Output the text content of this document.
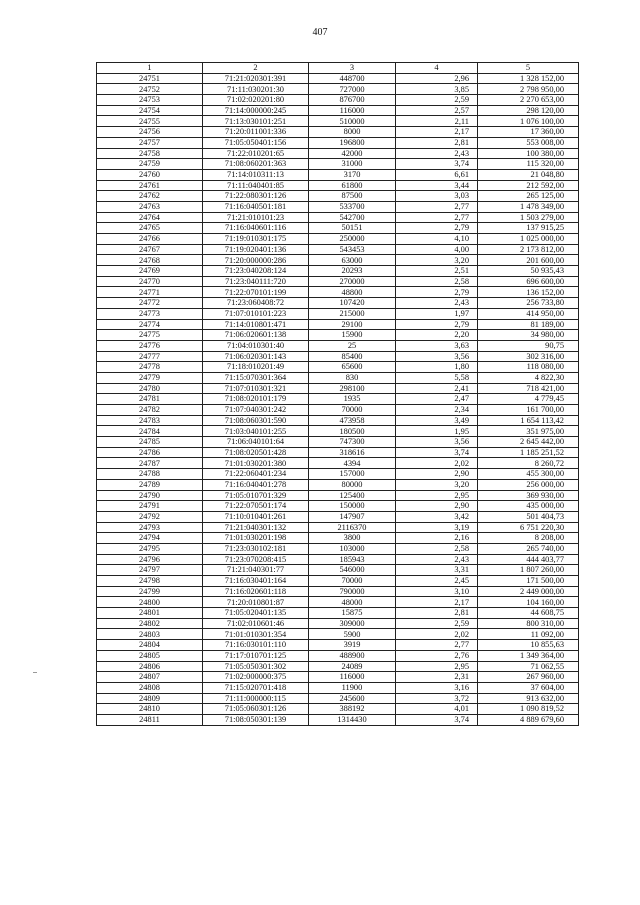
407
1	2	3	4	5
24751	71:21:020301:391	448700	2,96	1 328 152,00
24752	71:11:030201:30	727000	3,85	2 798 950,00
24753	71:02:020201:80	876700	2,59	2 270 653,00
24754	71:14:000000:245	116000	2,57	298 120,00
24755	71:13:030101:251	510000	2,11	1 076 100,00
24756	71:20:011001:336	8000	2,17	17 360,00
24757	71:05:050401:156	196800	2,81	553 008,00
24758	71:22:010201:65	42000	2,43	100 380,00
24759	71:08:060201:363	31000	3,74	115 320,00
24760	71:14:010311:13	3170	6,61	21 048,80
24761	71:11:040401:85	61800	3,44	212 592,00
24762	71:22:080301:126	87500	3,03	265 125,00
24763	71:16:040501:181	533700	2,77	1 478 349,00
24764	71:21:010101:23	542700	2,77	1 503 279,00
24765	71:16:040601:116	50151	2,79	137 915,25
24766	71:19:010301:175	250000	4,10	1 025 000,00
24767	71:19:020401:136	543453	4,00	2 173 812,00
24768	71:20:000000:286	63000	3,20	201 600,00
24769	71:23:040208:124	20293	2,51	50 935,43
24770	71:23:040111:720	270000	2,58	696 600,00
24771	71:22:070101:199	48800	2,79	136 152,00
24772	71:23:060408:72	107420	2,43	256 733,80
24773	71:07:010101:223	215000	1,97	414 950,00
24774	71:14:010801:471	29100	2,79	81 189,00
24775	71:06:020601:138	15900	2,20	34 980,00
24776	71:04:010301:40	25	3,63	90,75
24777	71:06:020301:143	85400	3,56	302 316,00
24778	71:18:010201:49	65600	1,80	118 080,00
24779	71:15:070301:364	830	5,58	4 822,30
24780	71:07:010301:321	298100	2,41	718 421,00
24781	71:08:020101:179	1935	2,47	4 779,45
24782	71:07:040301:242	70000	2,34	161 700,00
24783	71:08:060301:590	473958	3,49	1 654 113,42
24784	71:03:040101:255	180500	1,95	351 975,00
24785	71:06:040101:64	747300	3,56	2 645 442,00
24786	71:08:020501:428	318616	3,74	1 185 251,52
24787	71:01:030201:380	4394	2,02	8 260,72
24788	71:22:060401:234	157000	2,90	455 300,00
24789	71:16:040401:278	80000	3,20	256 000,00
24790	71:05:010701:329	125400	2,95	369 930,00
24791	71:22:070501:174	150000	2,90	435 000,00
24792	71:10:010401:261	147907	3,42	501 404,73
24793	71:21:040301:132	2116370	3,19	6 751 220,30
24794	71:01:030201:198	3800	2,16	8 208,00
24795	71:23:030102:181	103000	2,58	265 740,00
24796	71:23:070208:415	185943	2,43	444 403,77
24797	71:21:040301:77	546000	3,31	1 807 260,00
24798	71:16:030401:164	70000	2,45	171 500,00
24799	71:16:020601:118	790000	3,10	2 449 000,00
24800	71:20:010801:87	48000	2,17	104 160,00
24801	71:05:020401:135	15875	2,81	44 608,75
24802	71:02:010601:46	309000	2,59	800 310,00
24803	71:01:010301:354	5900	2,02	11 092,00
24804	71:16:030101:110	3919	2,77	10 855,63
24805	71:17:010701:125	488900	2,76	1 349 364,00
24806	71:05:050301:302	24089	2,95	71 062,55
24807	71:02:000000:375	116000	2,31	267 960,00
24808	71:15:020701:418	11900	3,16	37 604,00
24809	71:11:000000:115	245600	3,72	913 632,00
24810	71:05:060301:126	388192	4,01	1 090 819,52
24811	71:08:050301:139	1314430	3,74	4 889 679,60
